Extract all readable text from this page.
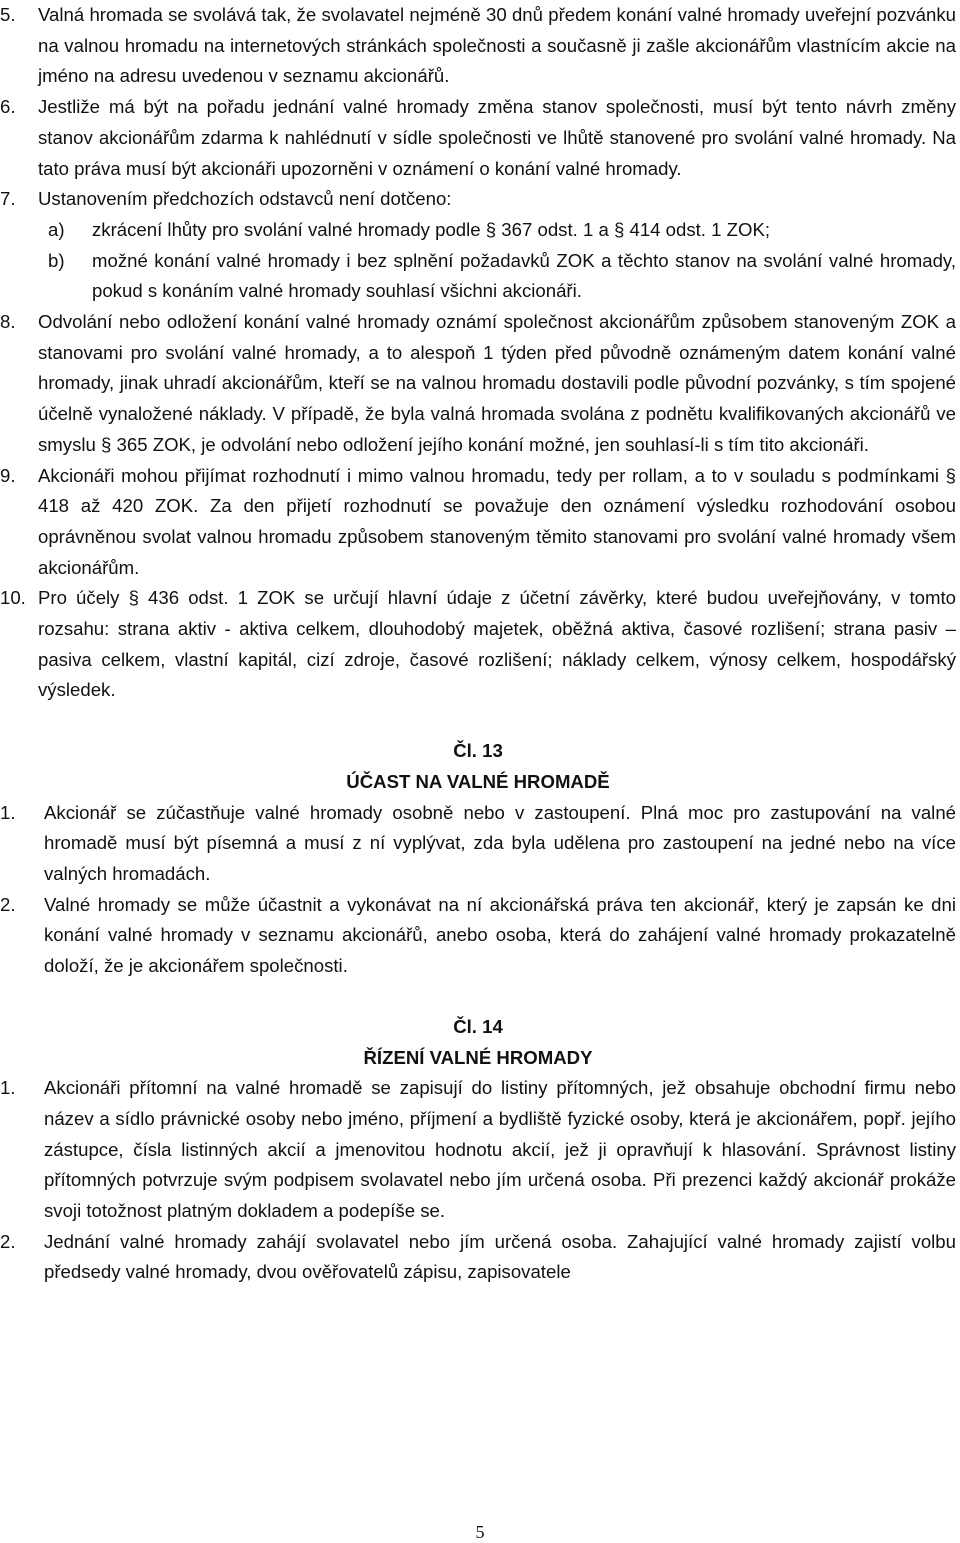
5. Valná hromada se svolává tak, že svolavatel nejméně 30 dnů předem konání valné hromady uveřejní pozvánku na valnou hromadu na internetových stránkách společnosti a současně ji zašle akcionářům vlastnícím akcie na jméno na adresu uvedenou v seznamu akcionářů.
6. Jestliže má být na pořadu jednání valné hromady změna stanov společnosti, musí být tento návrh změny stanov akcionářům zdarma k nahlédnutí v sídle společnosti ve lhůtě stanovené pro svolání valné hromady. Na tato práva musí být akcionáři upozorněni v oznámení o konání valné hromady.
7. Ustanovením předchozích odstavců není dotčeno:
a) zkrácení lhůty pro svolání valné hromady podle § 367 odst. 1 a § 414 odst. 1 ZOK;
b) možné konání valné hromady i bez splnění požadavků ZOK a těchto stanov na svolání valné hromady, pokud s konáním valné hromady souhlasí všichni akcionáři.
8. Odvolání nebo odložení konání valné hromady oznámí společnost akcionářům způsobem stanoveným ZOK a stanovami pro svolání valné hromady, a to alespoň 1 týden před původně oznámeným datem konání valné hromady, jinak uhradí akcionářům, kteří se na valnou hromadu dostavili podle původní pozvánky, s tím spojené účelně vynaložené náklady. V případě, že byla valná hromada svolána z podnětu kvalifikovaných akcionářů ve smyslu § 365 ZOK, je odvolání nebo odložení jejího konání možné, jen souhlasí-li s tím tito akcionáři.
9. Akcionáři mohou přijímat rozhodnutí i mimo valnou hromadu, tedy per rollam, a to v souladu s podmínkami § 418 až 420 ZOK. Za den přijetí rozhodnutí se považuje den oznámení výsledku rozhodování osobou oprávněnou svolat valnou hromadu způsobem stanoveným těmito stanovami pro svolání valné hromady všem akcionářům.
10. Pro účely § 436 odst. 1 ZOK se určují hlavní údaje z účetní závěrky, které budou uveřejňovány, v tomto rozsahu: strana aktiv - aktiva celkem, dlouhodobý majetek, oběžná aktiva, časové rozlišení; strana pasiv – pasiva celkem, vlastní kapitál, cizí zdroje, časové rozlišení; náklady celkem, výnosy celkem, hospodářský výsledek.
Čl. 13
ÚČAST NA VALNÉ HROMADĚ
1. Akcionář se zúčastňuje valné hromady osobně nebo v zastoupení. Plná moc pro zastupování na valné hromadě musí být písemná a musí z ní vyplývat, zda byla udělena pro zastoupení na jedné nebo na více valných hromadách.
2. Valné hromady se může účastnit a vykonávat na ní akcionářská práva ten akcionář, který je zapsán ke dni konání valné hromady v seznamu akcionářů, anebo osoba, která do zahájení valné hromady prokazatelně doloží, že je akcionářem společnosti.
Čl. 14
ŘÍZENÍ VALNÉ HROMADY
1. Akcionáři přítomní na valné hromadě se zapisují do listiny přítomných, jež obsahuje obchodní firmu nebo název a sídlo právnické osoby nebo jméno, příjmení a bydliště fyzické osoby, která je akcionářem, popř. jejího zástupce, čísla listinných akcií a jmenovitou hodnotu akcií, jež ji opravňují k hlasování. Správnost listiny přítomných potvrzuje svým podpisem svolavatel nebo jím určená osoba. Při prezenci každý akcionář prokáže svoji totožnost platným dokladem a podepíše se.
2. Jednání valné hromady zahájí svolavatel nebo jím určená osoba. Zahajující valné hromady zajistí volbu předsedy valné hromady, dvou ověřovatelů zápisu, zapisovatele
5
